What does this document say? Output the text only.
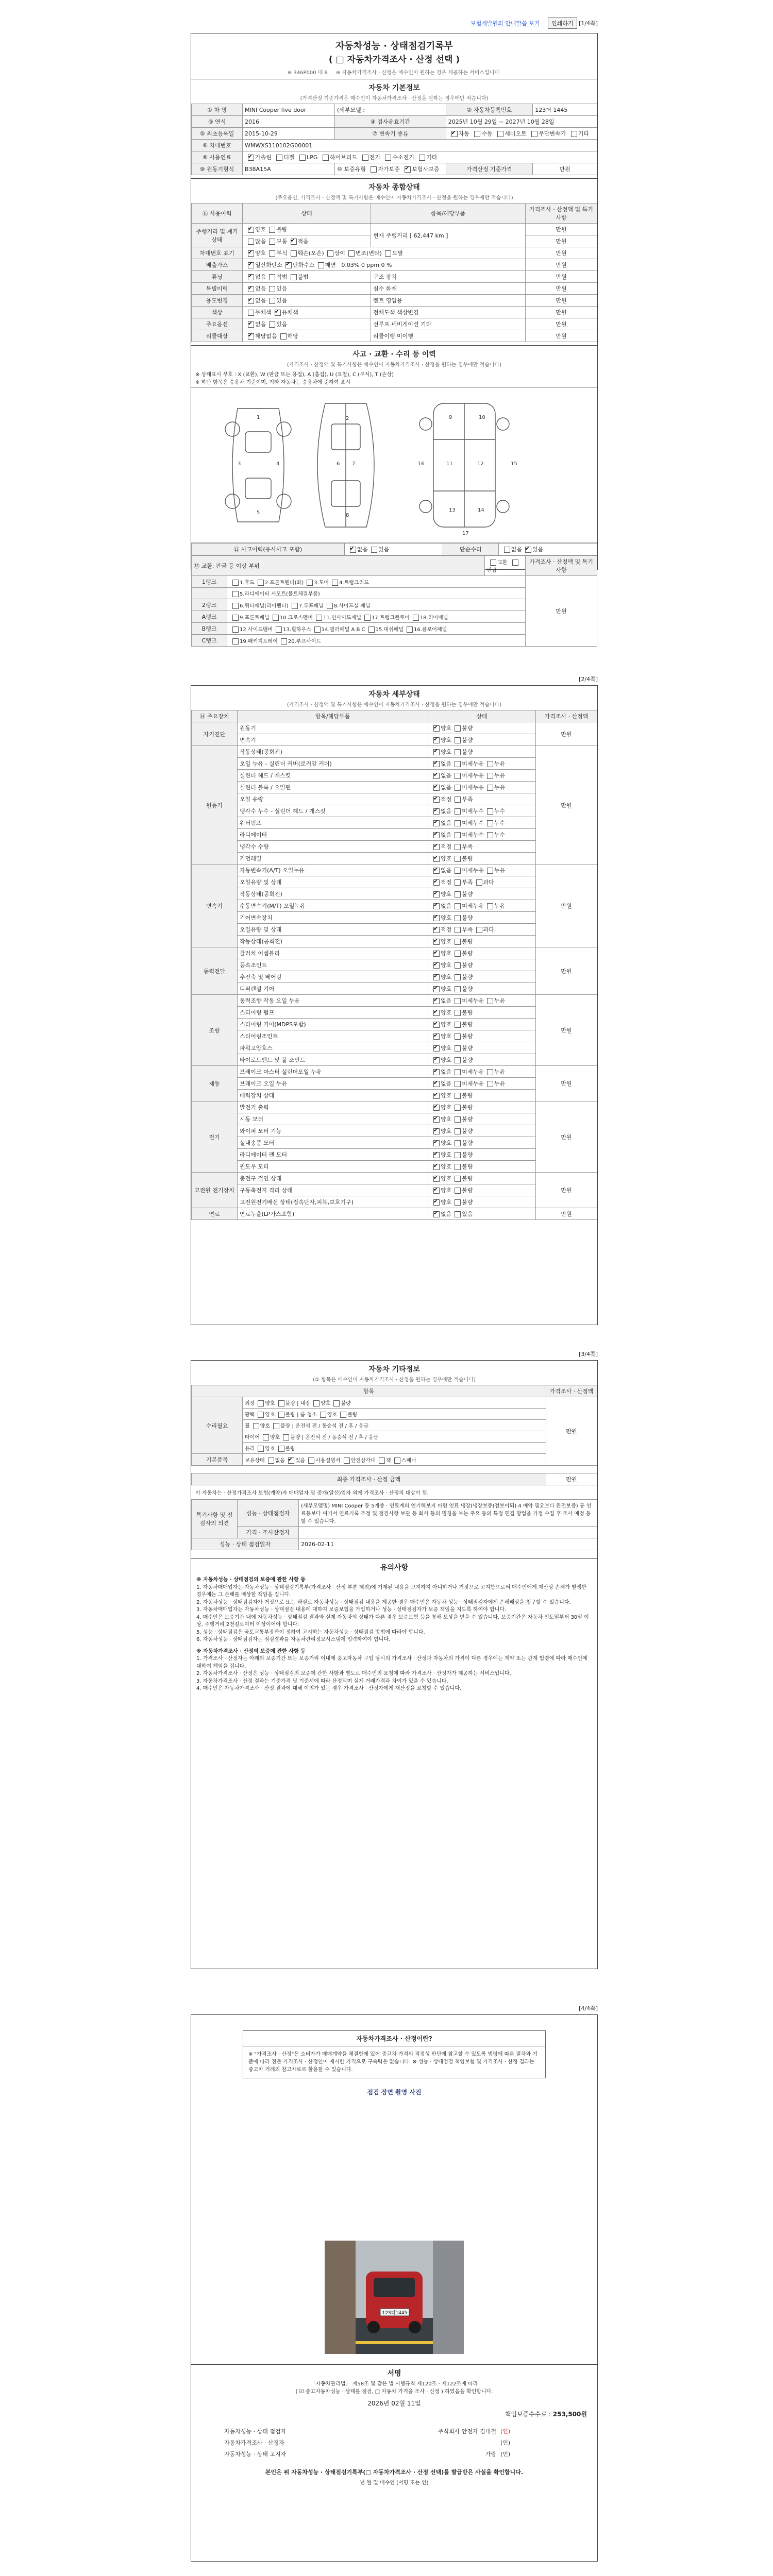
보험개발원의 안내말씀 보기 인쇄하기 [1/4쪽]
자동차성능 · 상태점검기록부
( □ 자동차가격조사 · 산정 선택 )
※ 346P000 대 8 ※ 자동차가격조사 · 산정은 매수인이 원하는 경우 제공하는 서비스입니다.
자동차 기본정보
(가격산정 기준가격은 매수인이 자동차가격조사 · 산정을 원하는 경우에만 적습니다)
① 차 명	MINI Cooper five door	(세부모델 :	② 자동차등록번호	123더 1445
③ 연식	2016	④ 검사유효기간	2025년 10월 29일 ~ 2027년 10월 28일	
⑤ 최초등록일	2015-10-29	⑦ 변속기 종류	✔자동 수동 세미오토 무단변속기 기타
⑥ 차대번호	WMWXS110102G00001			
⑧ 사용연료	✔가솔린 디젤 LPG 하이브리드 전기 수소전기 기타
⑨ 원동기형식	B38A15A	⑩ 보증유형 자가보증 ✔ 보험사보증	가격산정 기준가격	만원
자동차 종합상태
(주요옵션, 가격조사 · 산정액 및 특기사항은 매수인이 자동차가격조사 · 산정을 원하는 경우에만 적습니다)
⑪ 사용이력	상태	항목/해당부품	가격조사 · 산정액 및 특기사항
주행거리 및 계기상태	✔양호 불량	현재 주행거리 [ 62,447 km ]	만원
	많음 보통 ✔ 적음		만원
차대번호 표기	✔양호 부식 훼손(오손) 상이 변조(변타) 도말		만원
배출가스	✔일산화탄소 ✔ 탄화수소 매연 0.03% 0 ppm 0 %		만원
튜닝	✔없음 적법 불법	구조 장치	만원
특별이력	✔없음 있음	침수 화재	만원
용도변경	✔없음 있음	렌트 영업용	만원
색상	무채색 ✔ 유채색	전체도색 색상변경	만원
주요옵션	✔없음 있음	선루프 네비게이션 기타	만원
리콜대상	✔해당없음 해당	리콜이행 미이행	만원
사고 · 교환 · 수리 등 이력
(가격조사 · 산정액 및 특기사항은 매수인이 자동차가격조사 · 산정을 원하는 경우에만 적습니다)
※ 상태표시 부호 : X (교환), W (판금 또는 용접), A (흠집), U (요철), C (부식), T (손상)
※ 하단 항목은 승용차 기준이며, 기타 자동차는 승용차에 준하여 표시
1	2
3	4
5
6 7
8
9	10
11	12
13	14
15
16
17
⑫ 사고이력(유사사고 포함)	✔없음 있음	단순수리	없음 ✔ 있음
⑬ 교환, 판금 등 이상 부위		교환 판금	가격조사 · 산정액 및 특기사항
1랭크	1.후드 2.프론트펜더(좌) 3.도어 4.트렁크리드		만원
	5.라디에이터 서포트(볼트체결부품)		
2랭크	6.쿼터패널(리어펜더) 7.루프패널 8.사이드실 패널		
A랭크	9.프론트패널 10.크로스멤버 11.인사이드패널 17.트렁크플로어 18.리어패널		
B랭크	12.사이드멤버 13.휠하우스 14.필러패널 A B C 15.대쉬패널 16.플로어패널		
C랭크	19.패키지트레이 20.루프사이드		
[2/4쪽]
자동차 세부상태
(가격조사 · 산정액 및 특기사항은 매수인이 자동차가격조사 · 산정을 원하는 경우에만 적습니다)
⑭ 주요장치	항목/해당부품	상태	가격조사 · 산정액
자기진단	원동기	✔양호 불량	만원
	변속기	✔양호 불량
원동기	작동상태(공회전)	✔양호 불량	만원
	오일 누유 - 실린더 커버(로커암 커버)	✔없음 미세누유 누유
	실린더 헤드 / 개스킷	✔없음 미세누유 누유
	실린더 블록 / 오일팬	✔없음 미세누유 누유
	오일 유량	✔적정 부족
	냉각수 누수 - 실린더 헤드 / 개스킷	✔없음 미세누수 누수
	워터펌프	✔없음 미세누수 누수
	라디에이터	✔없음 미세누수 누수
	냉각수 수량	✔적정 부족
	커먼레일	✔양호 불량
변속기	자동변속기(A/T) 오일누유	✔없음 미세누유 누유	만원
	오일유량 및 상태	✔적정 부족 과다
	작동상태(공회전)	✔양호 불량
	수동변속기(M/T) 오일누유	✔없음 미세누유 누유
	기어변속장치	✔양호 불량
	오일유량 및 상태	✔적정 부족 과다
	작동상태(공회전)	✔양호 불량
동력전달	클러치 어셈블리	✔양호 불량	만원
	등속조인트	✔양호 불량
	추진축 및 베어링	✔양호 불량
	디퍼렌셜 기어	✔양호 불량
조향	동력조향 작동 오일 누유	✔없음 미세누유 누유	만원
	스티어링 펌프	✔양호 불량
	스티어링 기어(MDPS포함)	✔양호 불량
	스티어링조인트	✔양호 불량
	파워고압호스	✔양호 불량
	타이로드엔드 및 볼 조인트	✔양호 불량
제동	브레이크 마스터 실린더오일 누유	✔없음 미세누유 누유	만원
	브레이크 오일 누유	✔없음 미세누유 누유
	배력장치 상태	✔양호 불량
전기	발전기 출력	✔양호 불량	만원
	시동 모터	✔양호 불량
	와이퍼 모터 기능	✔양호 불량
	실내송풍 모터	✔양호 불량
	라디에이터 팬 모터	✔양호 불량
	윈도우 모터	✔양호 불량
고전원 전기장치	충전구 절연 상태	✔양호 불량	만원
	구동축전지 격리 상태	✔양호 불량
	고전원전기배선 상태(접속단자,피복,보호기구)	✔양호 불량
연료	연료누출(LP가스포함)	✔없음 있음	만원
[3/4쪽]
자동차 기타정보
(① 항목은 매수인이 자동차가격조사 · 산정을 원하는 경우에만 적습니다)
항목		가격조사 · 산정액
수리필요	외장 양호 불량 | 내장 양호 불량	만원
	광택 양호 불량 | 룸 청소 양호 불량	
	휠 양호 불량 | 운전석 전 / 동승석 전 / 후 / 응급	
	타이어 양호 불량 | 운전석 전 / 동승석 전 / 후 / 응급	
	유리 양호 불량	
기본품목	보유상태 없음 ✔ 있음 사용설명서 안전삼각대 잭 스패너
최종 가격조사 · 산정 금액	만원
이 자동차는 · 산정가격조사 보험(계약)자 매매업자 및 중개(알선)업자 외에 가격조사 · 산정의 대상이 됨.
특기사항 및 점검자의 의견	성능 · 상태점검자	(세부모델명) MINI Cooper 등 5개종 · 연료계의 연기해보지 마련 연료 냉장(냉장보증(전보이되) 4 예약 필요보다 완전보증) 통 연료등보다 여기서 연료기록 조정 및 점검사항 보관 등 회사 등의 명칭을 보는 주요 등의 특정 편집 방법을 가정 수집 후 조사 예정 등 할 수 있습니다.
	가격 · 조사산정자	
성능 · 상태 점검일자		2026-02-11
유의사항
※ 자동차성능 · 상태점검의 보증에 관한 사항 등
1. 자동차매매업자는 자동차성능 · 상태점검기록부(가격조사 · 산정 부분 제외)에 기재된 내용을 고지하지 아니하거나 거짓으로 고지함으로써 매수인에게 재산상 손해가 발생한 경우에는 그 손해를 배상할 책임을 집니다.
2. 자동차성능 · 상태점검자가 거짓으로 또는 과실로 자동차성능 · 상태점검 내용을 제공한 경우 매수인은 자동차 성능 · 상태점검자에게 손해배상을 청구할 수 있습니다.
3. 자동차매매업자는 자동차성능 · 상태점검 내용에 대하여 보증보험을 가입하거나 성능 · 상태점검자가 보증 책임을 지도록 하여야 합니다.
4. 매수인은 보증기간 내에 자동차성능 · 상태점검 결과와 실제 자동차의 상태가 다른 경우 보증보험 등을 통해 보상을 받을 수 있습니다. 보증기간은 자동차 인도일부터 30일 이상, 주행거리 2천킬로미터 이상이어야 합니다.
5. 성능 · 상태점검은 국토교통부장관이 정하여 고시하는 자동차성능 · 상태점검 방법에 따라야 합니다.
6. 자동차성능 · 상태점검자는 점검결과를 자동차관리정보시스템에 입력하여야 합니다.
※ 자동차가격조사 · 산정의 보증에 관한 사항 등
1. 가격조사 · 산정자는 아래의 보증기간 또는 보증거리 이내에 중고자동차 구입 당시의 가격조사 · 산정과 자동차의 가격이 다른 경우에는 계약 또는 관계 법령에 따라 매수인에 대하여 책임을 집니다.
2. 자동차가격조사 · 산정은 성능 · 상태점검의 보증에 관한 사항과 별도로 매수인의 요청에 따라 가격조사 · 산정자가 제공하는 서비스입니다.
3. 자동차가격조사 · 산정 결과는 기준가격 및 기준서에 따라 산정되며 실제 거래가격과 차이가 있을 수 있습니다.
4. 매수인은 자동차가격조사 · 산정 결과에 대해 이의가 있는 경우 가격조사 · 산정자에게 재산정을 요청할 수 있습니다.
[4/4쪽]
자동차가격조사 · 산정이란?
※ "가격조사 · 산정"은 소비자가 매매계약을 체결함에 있어 중고차 가격의 적정성 판단에 참고할 수 있도록 법령에 따른 절차와 기준에 따라 전문 가격조사 · 산정인이 제시한 가격으로 구속력은 없습니다. ※ 성능 · 상태점검 책임보험 및 가격조사 · 산정 결과는 중고차 거래의 참고자료로 활용할 수 있습니다.
점검 장면 촬영 사진
123더1445
서명
「자동차관리법」 제58조 및 같은 법 시행규칙 제120조 · 제122조에 따라
( ☑ 중고자동차성능 · 상태를 점검, □ 자동차 가격을 조사 · 산정 ) 하였음을 확인합니다.
2026년 02월 11일
책임보증수수료 : 253,500원
자동차성능 · 상태 점검자	주식회사 안전자 김대철	(인)
자동차가격조사 · 산정자		(인)
자동차성능 · 상태 고지자	가랑	(인)
본인은 위 자동차성능 · 상태점검기록부(□ 자동차가격조사 · 산정 선택)를 발급받은 사실을 확인합니다.
년 월 일 매수인 (서명 또는 인)
